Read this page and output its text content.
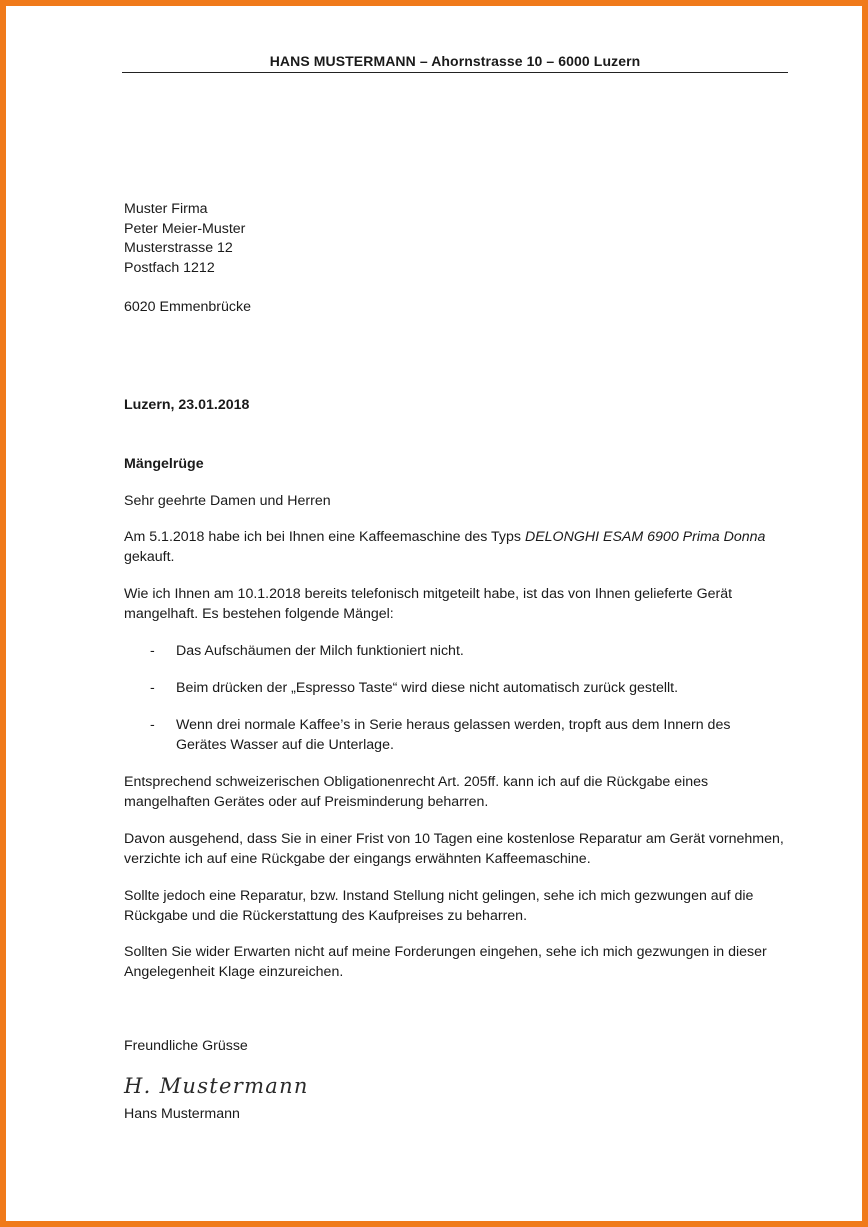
HANS MUSTERMANN – Ahornstrasse 10 – 6000 Luzern
Muster Firma
Peter Meier-Muster
Musterstrasse 12
Postfach 1212
6020 Emmenbrücke
Luzern, 23.01.2018
Mängelrüge
Sehr geehrte Damen und Herren
Am 5.1.2018 habe ich bei Ihnen eine Kaffeemaschine des Typs DELONGHI ESAM 6900 Prima Donna
gekauft.
Wie ich Ihnen am 10.1.2018 bereits telefonisch mitgeteilt habe, ist das von Ihnen gelieferte Gerät mangelhaft. Es bestehen folgende Mängel:
- Das Aufschäumen der Milch funktioniert nicht.
- Beim drücken der „Espresso Taste“ wird diese nicht automatisch zurück gestellt.
- Wenn drei normale Kaffee’s in Serie heraus gelassen werden, tropft aus dem Innern des Gerätes Wasser auf die Unterlage.
Entsprechend schweizerischen Obligationenrecht Art. 205ff. kann ich auf die Rückgabe eines mangelhaften Gerätes oder auf Preisminderung beharren.
Davon ausgehend, dass Sie in einer Frist von 10 Tagen eine kostenlose Reparatur am Gerät vornehmen, verzichte ich auf eine Rückgabe der eingangs erwähnten Kaffeemaschine.
Sollte jedoch eine Reparatur, bzw. Instand Stellung nicht gelingen, sehe ich mich gezwungen auf die Rückgabe und die Rückerstattung des Kaufpreises zu beharren.
Sollten Sie wider Erwarten nicht auf meine Forderungen eingehen, sehe ich mich gezwungen in dieser Angelegenheit Klage einzureichen.
Freundliche Grüsse
H. Mustermann
Hans Mustermann
